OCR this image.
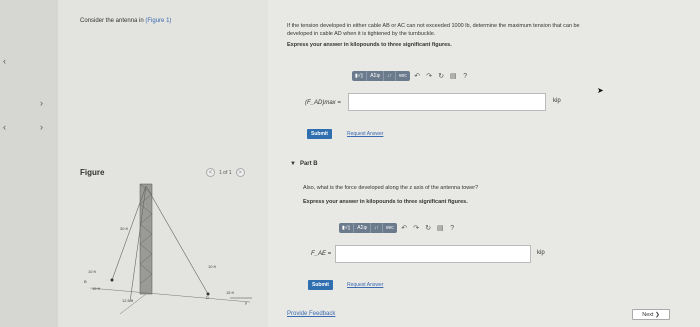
‹
‹
›
›
Consider the antenna in (Figure 1)
Figure	<	1 of 1	>
30 ft
10 ft
10 ft
B
15 ft
12.5 ft
D
15 ft
y
If the tension developed in either cable AB or AC can not exceeded 1000 lb, determine the maximum tension that can be
developed in cable AD when it is tightened by the turnbuckle.
Express your answer in kilopounds to three significant figures.
▮√▯	ΑΣφ	↓↑	vec	↶ ↷ ↻ ▤ ?
(F_AD)max =	kip
Submit	Request Answer
▼ Part B
Also, what is the force developed along the z axis of the antenna tower?
Express your answer in kilopounds to three significant figures.
▮√▯	ΑΣφ	↓↑	vec	↶ ↷ ↻ ▤ ?
F_AE =	kip
Submit	Request Answer
Provide Feedback	Next ❯
➤
